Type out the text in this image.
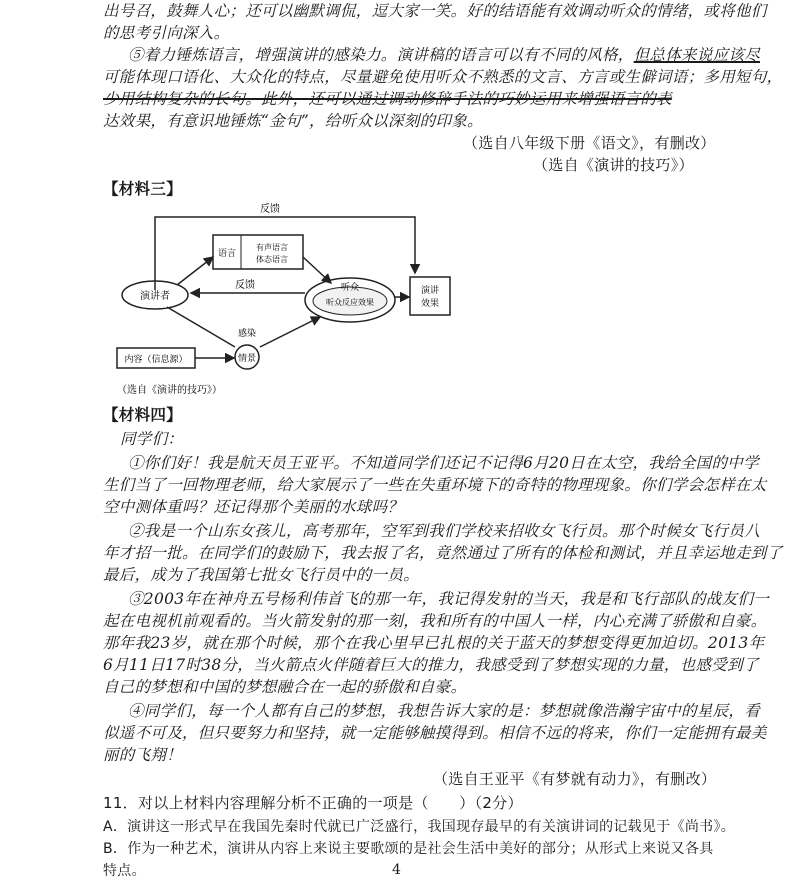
出号召，鼓舞人心；还可以幽默调侃，逗大家一笑。好的结语能有效调动听众的情绪，或将他们
的思考引向深入。
⑤着力锤炼语言，增强演讲的感染力。演讲稿的语言可以有不同的风格，但总体来说应该尽
可能体现口语化、大众化的特点，尽量避免使用听众不熟悉的文言、方言或生僻词语；多用短句，
少用结构复杂的长句。此外，还可以通过调动修辞手法的巧妙运用来增强语言的表
达效果，有意识地锤炼“金句”，给听众以深刻的印象。
（选自八年级下册《语文》，有删改）
（选自《演讲的技巧》）
【材料三】
反馈
演讲者
语言
有声语言
体态语言
反馈	听众
听众反应效果
演讲
效果
情景
感染
内容（信息源）
（选自《演讲的技巧》）
【材料四】
同学们：
①你们好！我是航天员王亚平。不知道同学们还记不记得6月20日在太空，我给全国的中学
生们当了一回物理老师，给大家展示了一些在失重环境下的奇特的物理现象。你们学会怎样在太
空中测体重吗？还记得那个美丽的水球吗？
②我是一个山东女孩儿，高考那年，空军到我们学校来招收女飞行员。那个时候女飞行员八
年才招一批。在同学们的鼓励下，我去报了名，竟然通过了所有的体检和测试，并且幸运地走到了
最后，成为了我国第七批女飞行员中的一员。
③2003年在神舟五号杨利伟首飞的那一年，我记得发射的当天，我是和飞行部队的战友们一
起在电视机前观看的。当火箭发射的那一刻，我和所有的中国人一样，内心充满了骄傲和自豪。
那年我23岁，就在那个时候，那个在我心里早已扎根的关于蓝天的梦想变得更加迫切。2013年
6月11日17时38分，当火箭点火伴随着巨大的推力，我感受到了梦想实现的力量，也感受到了
自己的梦想和中国的梦想融合在一起的骄傲和自豪。
④同学们，每一个人都有自己的梦想，我想告诉大家的是：梦想就像浩瀚宇宙中的星辰，看
似遥不可及，但只要努力和坚持，就一定能够触摸得到。相信不远的将来，你们一定能拥有最美
丽的飞翔！
（选自王亚平《有梦就有动力》，有删改）
11．对以上材料内容理解分析不正确的一项是（　　）（2分）
A．演讲这一形式早在我国先秦时代就已广泛盛行，我国现存最早的有关演讲词的记载见于《尚书》。
B．作为一种艺术，演讲从内容上来说主要歌颂的是社会生活中美好的部分；从形式上来说又各具
特点。	4
